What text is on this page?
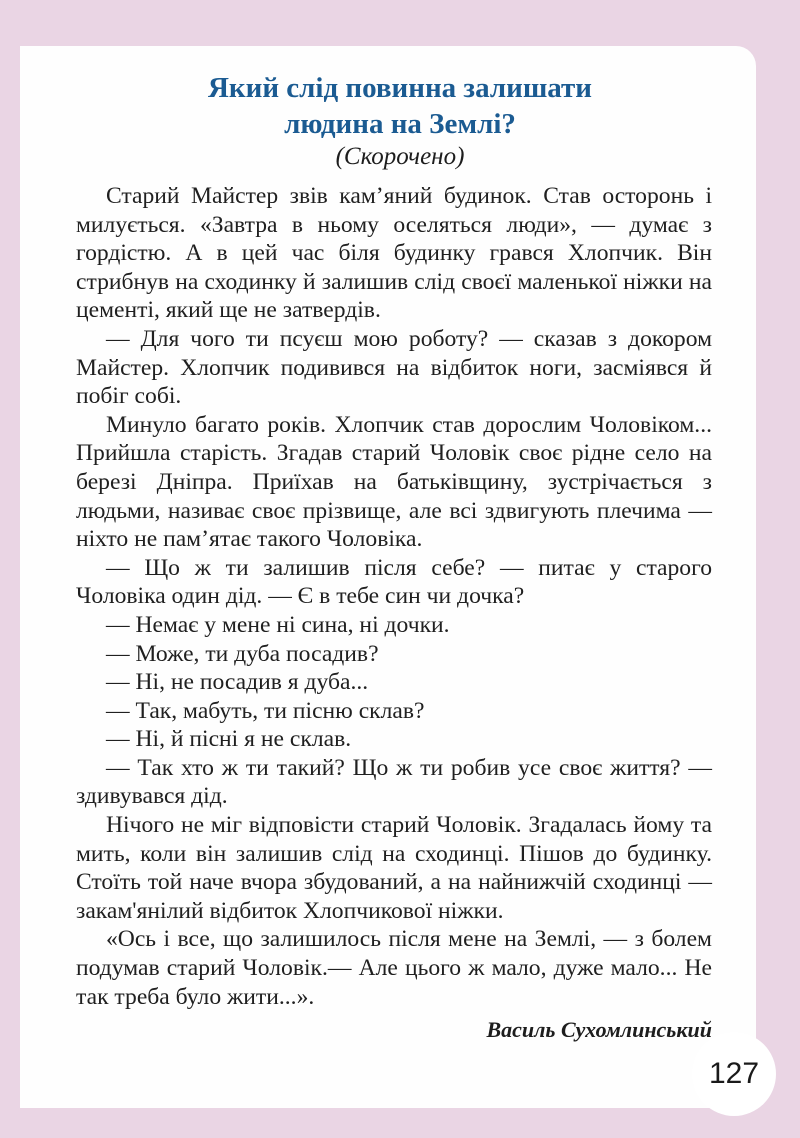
Який слід повинна залишати
людина на Землі?
(Скорочено)

Старий Майстер звів кам’яний будинок. Став осторонь і милується. «Завтра в ньому оселяться люди», — думає з гордістю. А в цей час біля будинку грався Хлопчик. Він стрибнув на сходинку й залишив слід своєї маленької ніжки на цементі, який ще не затвердів.

— Для чого ти псуєш мою роботу? — сказав з докором Майстер. Хлопчик подивився на відбиток ноги, засміявся й побіг собі.

Минуло багато років. Хлопчик став дорослим Чоловіком... Прийшла старість. Згадав старий Чоловік своє рідне село на березі Дніпра. Приїхав на батьківщину, зустрічається з людьми, називає своє прізвище, але всі здвигують плечима — ніхто не пам’ятає такого Чоловіка.

— Що ж ти залишив після себе? — питає у старого Чоловіка один дід. — Є в тебе син чи дочка?

— Немає у мене ні сина, ні дочки.

— Може, ти дуба посадив?

— Ні, не посадив я дуба...

— Так, мабуть, ти пісню склав?

— Ні, й пісні я не склав.

— Так хто ж ти такий? Що ж ти робив усе своє життя? — здивувався дід.

Нічого не міг відповісти старий Чоловік. Згадалась йому та мить, коли він залишив слід на сходинці. Пішов до будинку. Стоїть той наче вчора збудований, а на найнижчій сходинці — закам'янілий відбиток Хлопчикової ніжки.

«Ось і все, що залишилось після мене на Землі, — з болем подумав старий Чоловік.— Але цього ж мало, дуже мало... Не так треба було жити...».

Василь Сухомлинський
127
